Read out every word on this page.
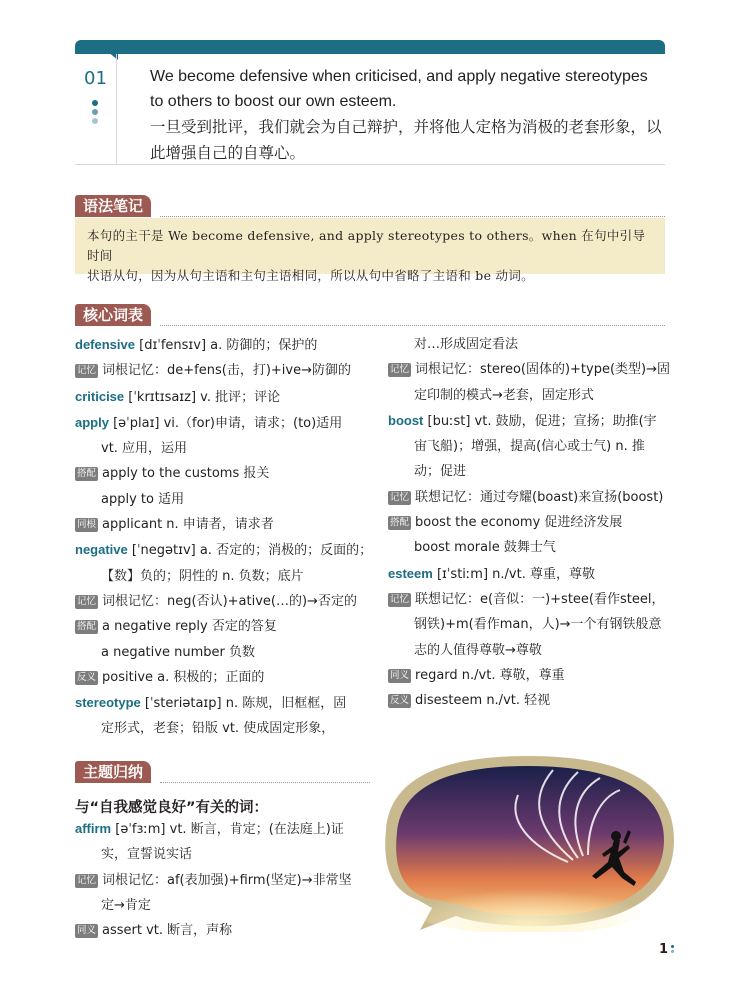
01	We become defensive when criticised, and apply negative stereotypes to others to boost our own esteem.
一旦受到批评，我们就会为自己辩护，并将他人定格为消极的老套形象，以此增强自己的自尊心。
语法笔记
本句的主干是 We become defensive, and apply stereotypes to others。when 在句中引导时间
状语从句，因为从句主语和主句主语相同，所以从句中省略了主语和 be 动词。
核心词表
defensive [dɪˈfensɪv] a. 防御的；保护的
记忆 词根记忆：de+fens(击，打)+ive→防御的
criticise [ˈkrɪtɪsaɪz] v. 批评；评论
apply [əˈplaɪ] vi.（for)申请，请求；(to)适用
vt. 应用，运用
搭配 apply to the customs 报关
apply to 适用
同根 applicant n. 申请者，请求者
negative [ˈnegətɪv] a. 否定的；消极的；反面的；
【数】负的；阴性的 n. 负数；底片
记忆 词根记忆：neg(否认)+ative(…的)→否定的
搭配 a negative reply 否定的答复
a negative number 负数
反义 positive a. 积极的；正面的
stereotype [ˈsteriətaɪp] n. 陈规，旧框框，固
定形式，老套；铅版 vt. 使成固定形象，
对…形成固定看法
记忆 词根记忆：stereo(固体的)+type(类型)→固
定印制的模式→老套，固定形式
boost [buːst] vt. 鼓励，促进；宣扬；助推(宇
宙飞船)；增强，提高(信心或士气) n. 推
动；促进
记忆 联想记忆：通过夸耀(boast)来宣扬(boost)
搭配 boost the economy 促进经济发展
boost morale 鼓舞士气
esteem [ɪˈstiːm] n./vt. 尊重，尊敬
记忆 联想记忆：e(音似：一)+stee(看作steel，
钢铁)+m(看作man，人)→一个有钢铁般意
志的人值得尊敬→尊敬
同义 regard n./vt. 尊敬，尊重
反义 disesteem n./vt. 轻视
主题归纳
与“自我感觉良好”有关的词：
affirm [əˈfɜːm] vt. 断言，肯定；(在法庭上)证
实，宣誓说实话
记忆 词根记忆：af(表加强)+firm(坚定)→非常坚
定→肯定
同义 assert vt. 断言，声称
1
